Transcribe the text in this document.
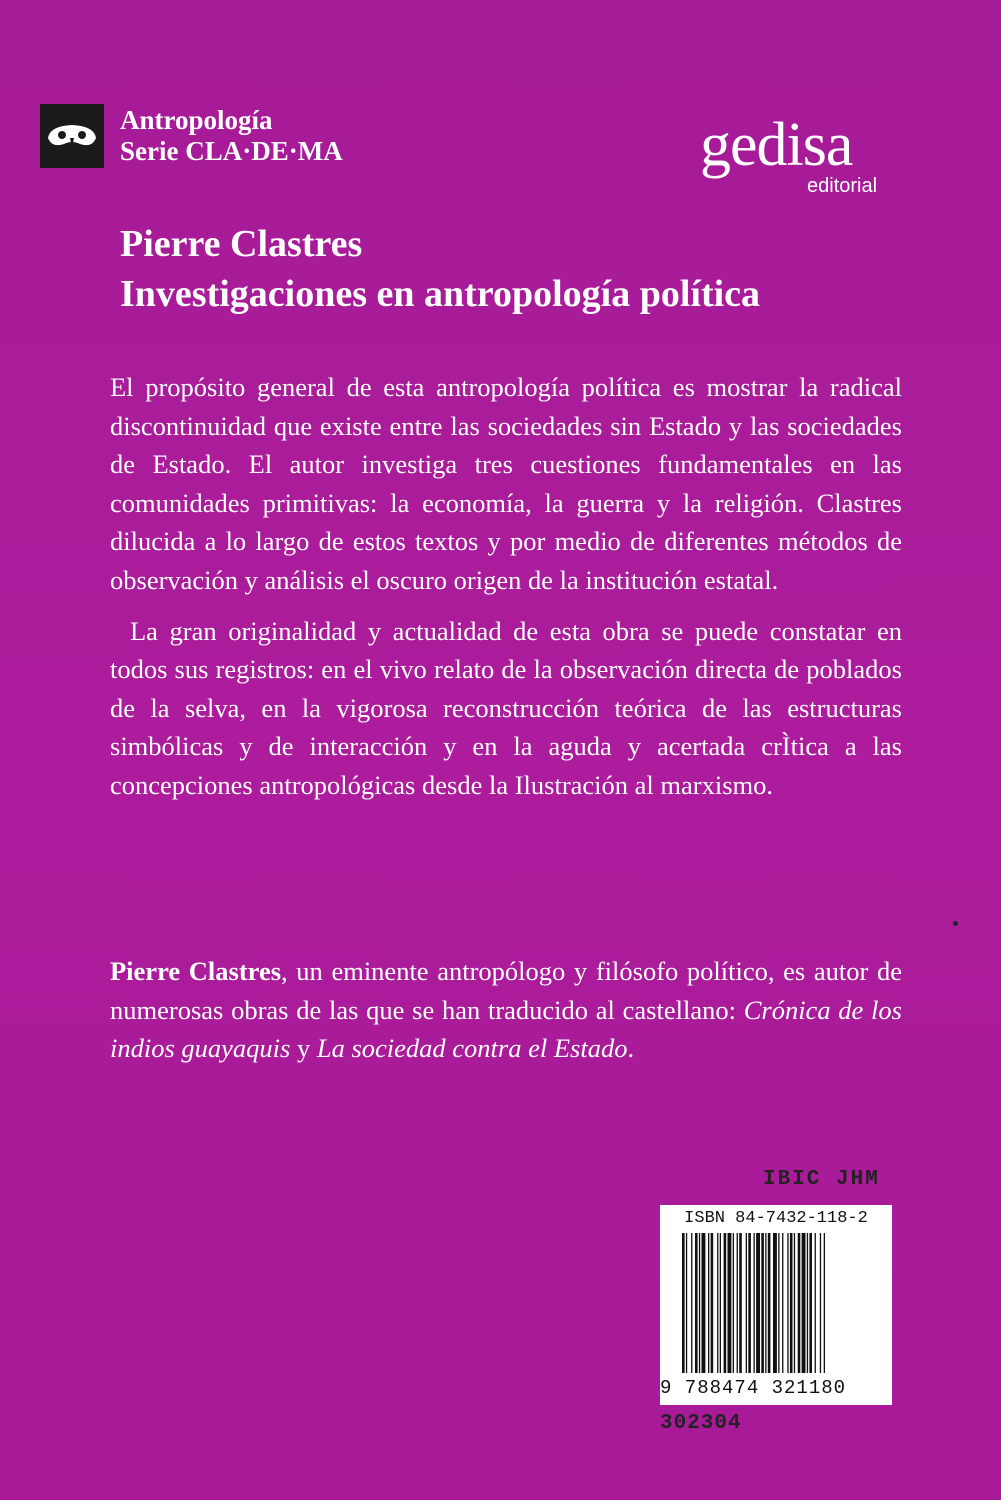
Antropología
Serie CLA·DE·MA	gedisa
editorial
Pierre Clastres
Investigaciones en antropología política

El propósito general de esta antropología política es mostrar la radical discontinuidad que existe entre las sociedades sin Estado y las sociedades de Estado. El autor investiga tres cuestiones fundamentales en las comunidades primitivas: la economía, la guerra y la religión. Clastres dilucida a lo largo de estos textos y por medio de diferentes métodos de observación y análisis el oscuro origen de la institución estatal.

La gran originalidad y actualidad de esta obra se puede constatar en todos sus registros: en el vivo relato de la observación directa de poblados de la selva, en la vigorosa reconstrucción teórica de las estructuras simbólicas y de interacción y en la aguda y acertada crÌtica a las concepciones antropológicas desde la Ilustración al marxismo.

Pierre Clastres, un eminente antropólogo y filósofo político, es autor de numerosas obras de las que se han traducido al castellano: Crónica de los indios guayaquis y La sociedad contra el Estado.

IBIC JHM
ISBN 84-7432-118-2
9 788474 321180
302304
